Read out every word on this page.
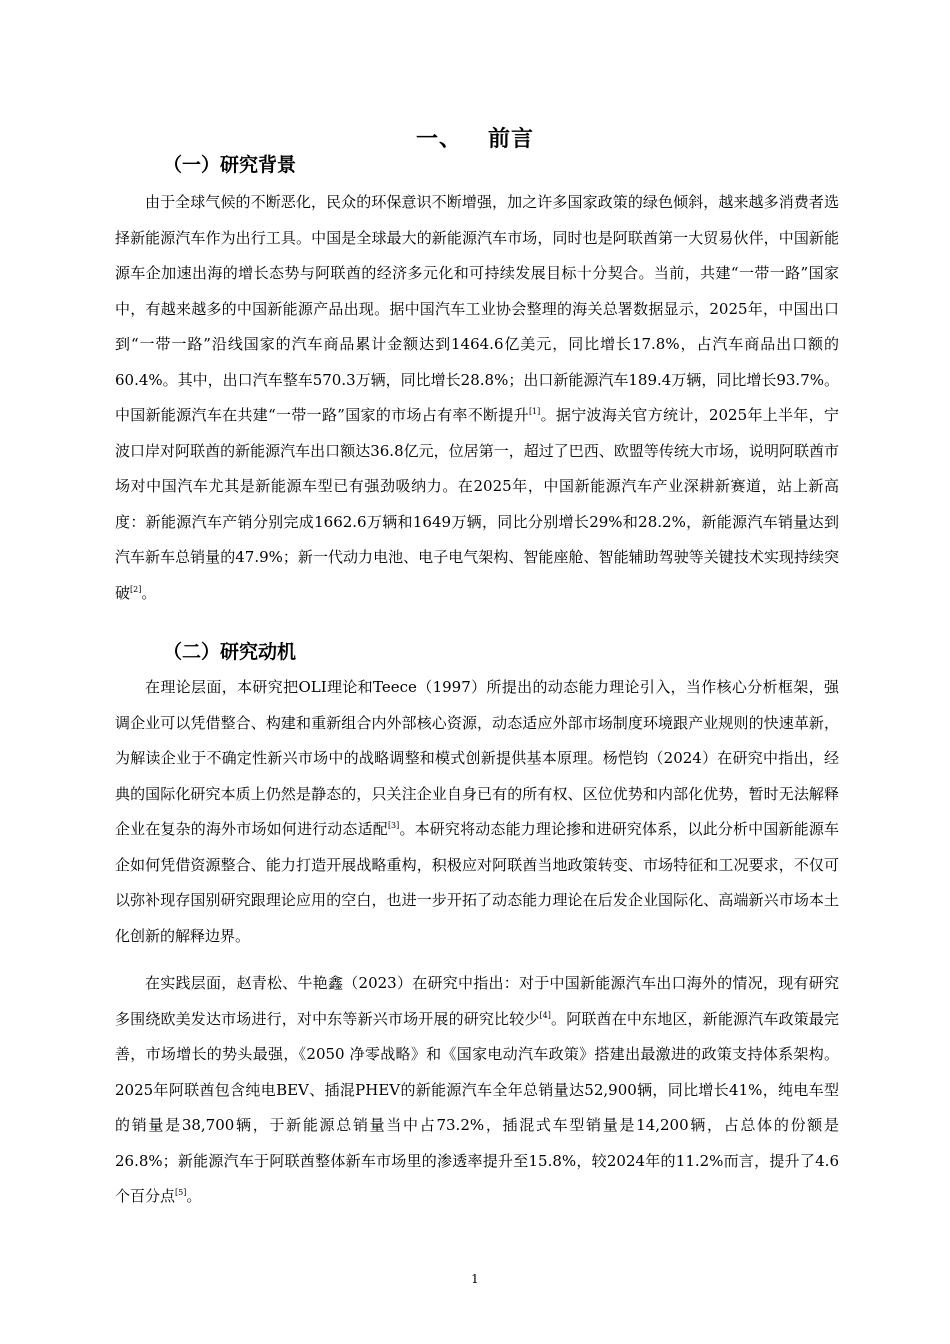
一、 前言
（一）研究背景

由于全球气候的不断恶化，民众的环保意识不断增强，加之许多国家政策的绿色倾斜，越来越多消费者选择新能源汽车作为出行工具。中国是全球最大的新能源汽车市场，同时也是阿联酋第一大贸易伙伴，中国新能源车企加速出海的增长态势与阿联酋的经济多元化和可持续发展目标十分契合。当前，共建“一带一路”国家中，有越来越多的中国新能源产品出现。据中国汽车工业协会整理的海关总署数据显示，2025年，中国出口到“一带一路”沿线国家的汽车商品累计金额达到1464.6亿美元，同比增长17.8%，占汽车商品出口额的60.4%。其中，出口汽车整车570.3万辆，同比增长28.8%；出口新能源汽车189.4万辆，同比增长93.7%。中国新能源汽车在共建“一带一路”国家的市场占有率不断提升[1]。据宁波海关官方统计，2025年上半年，宁波口岸对阿联酋的新能源汽车出口额达36.8亿元，位居第一，超过了巴西、欧盟等传统大市场，说明阿联酋市场对中国汽车尤其是新能源车型已有强劲吸纳力。在2025年，中国新能源汽车产业深耕新赛道，站上新高度：新能源汽车产销分别完成1662.6万辆和1649万辆，同比分别增长29%和28.2%，新能源汽车销量达到汽车新车总销量的47.9%；新一代动力电池、电子电气架构、智能座舱、智能辅助驾驶等关键技术实现持续突破[2]。

（二）研究动机

在理论层面，本研究把OLI理论和Teece（1997）所提出的动态能力理论引入，当作核心分析框架，强调企业可以凭借整合、构建和重新组合内外部核心资源，动态适应外部市场制度环境跟产业规则的快速革新，为解读企业于不确定性新兴市场中的战略调整和模式创新提供基本原理。杨恺钧（2024）在研究中指出，经典的国际化研究本质上仍然是静态的，只关注企业自身已有的所有权、区位优势和内部化优势，暂时无法解释企业在复杂的海外市场如何进行动态适配[3]。本研究将动态能力理论掺和进研究体系，以此分析中国新能源车企如何凭借资源整合、能力打造开展战略重构，积极应对阿联酋当地政策转变、市场特征和工况要求，不仅可以弥补现存国别研究跟理论应用的空白，也进一步开拓了动态能力理论在后发企业国际化、高端新兴市场本土化创新的解释边界。

在实践层面，赵青松、牛艳鑫（2023）在研究中指出：对于中国新能源汽车出口海外的情况，现有研究多围绕欧美发达市场进行，对中东等新兴市场开展的研究比较少[4]。阿联酋在中东地区，新能源汽车政策最完善，市场增长的势头最强，《2050 净零战略》和《国家电动汽车政策》搭建出最激进的政策支持体系架构。2025年阿联酋包含纯电BEV、插混PHEV的新能源汽车全年总销量达52,900辆，同比增长41%，纯电车型的销量是38,700辆，于新能源总销量当中占73.2%，插混式车型销量是14,200辆，占总体的份额是26.8%；新能源汽车于阿联酋整体新车市场里的渗透率提升至15.8%，较2024年的11.2%而言，提升了4.6个百分点[5]。

1
